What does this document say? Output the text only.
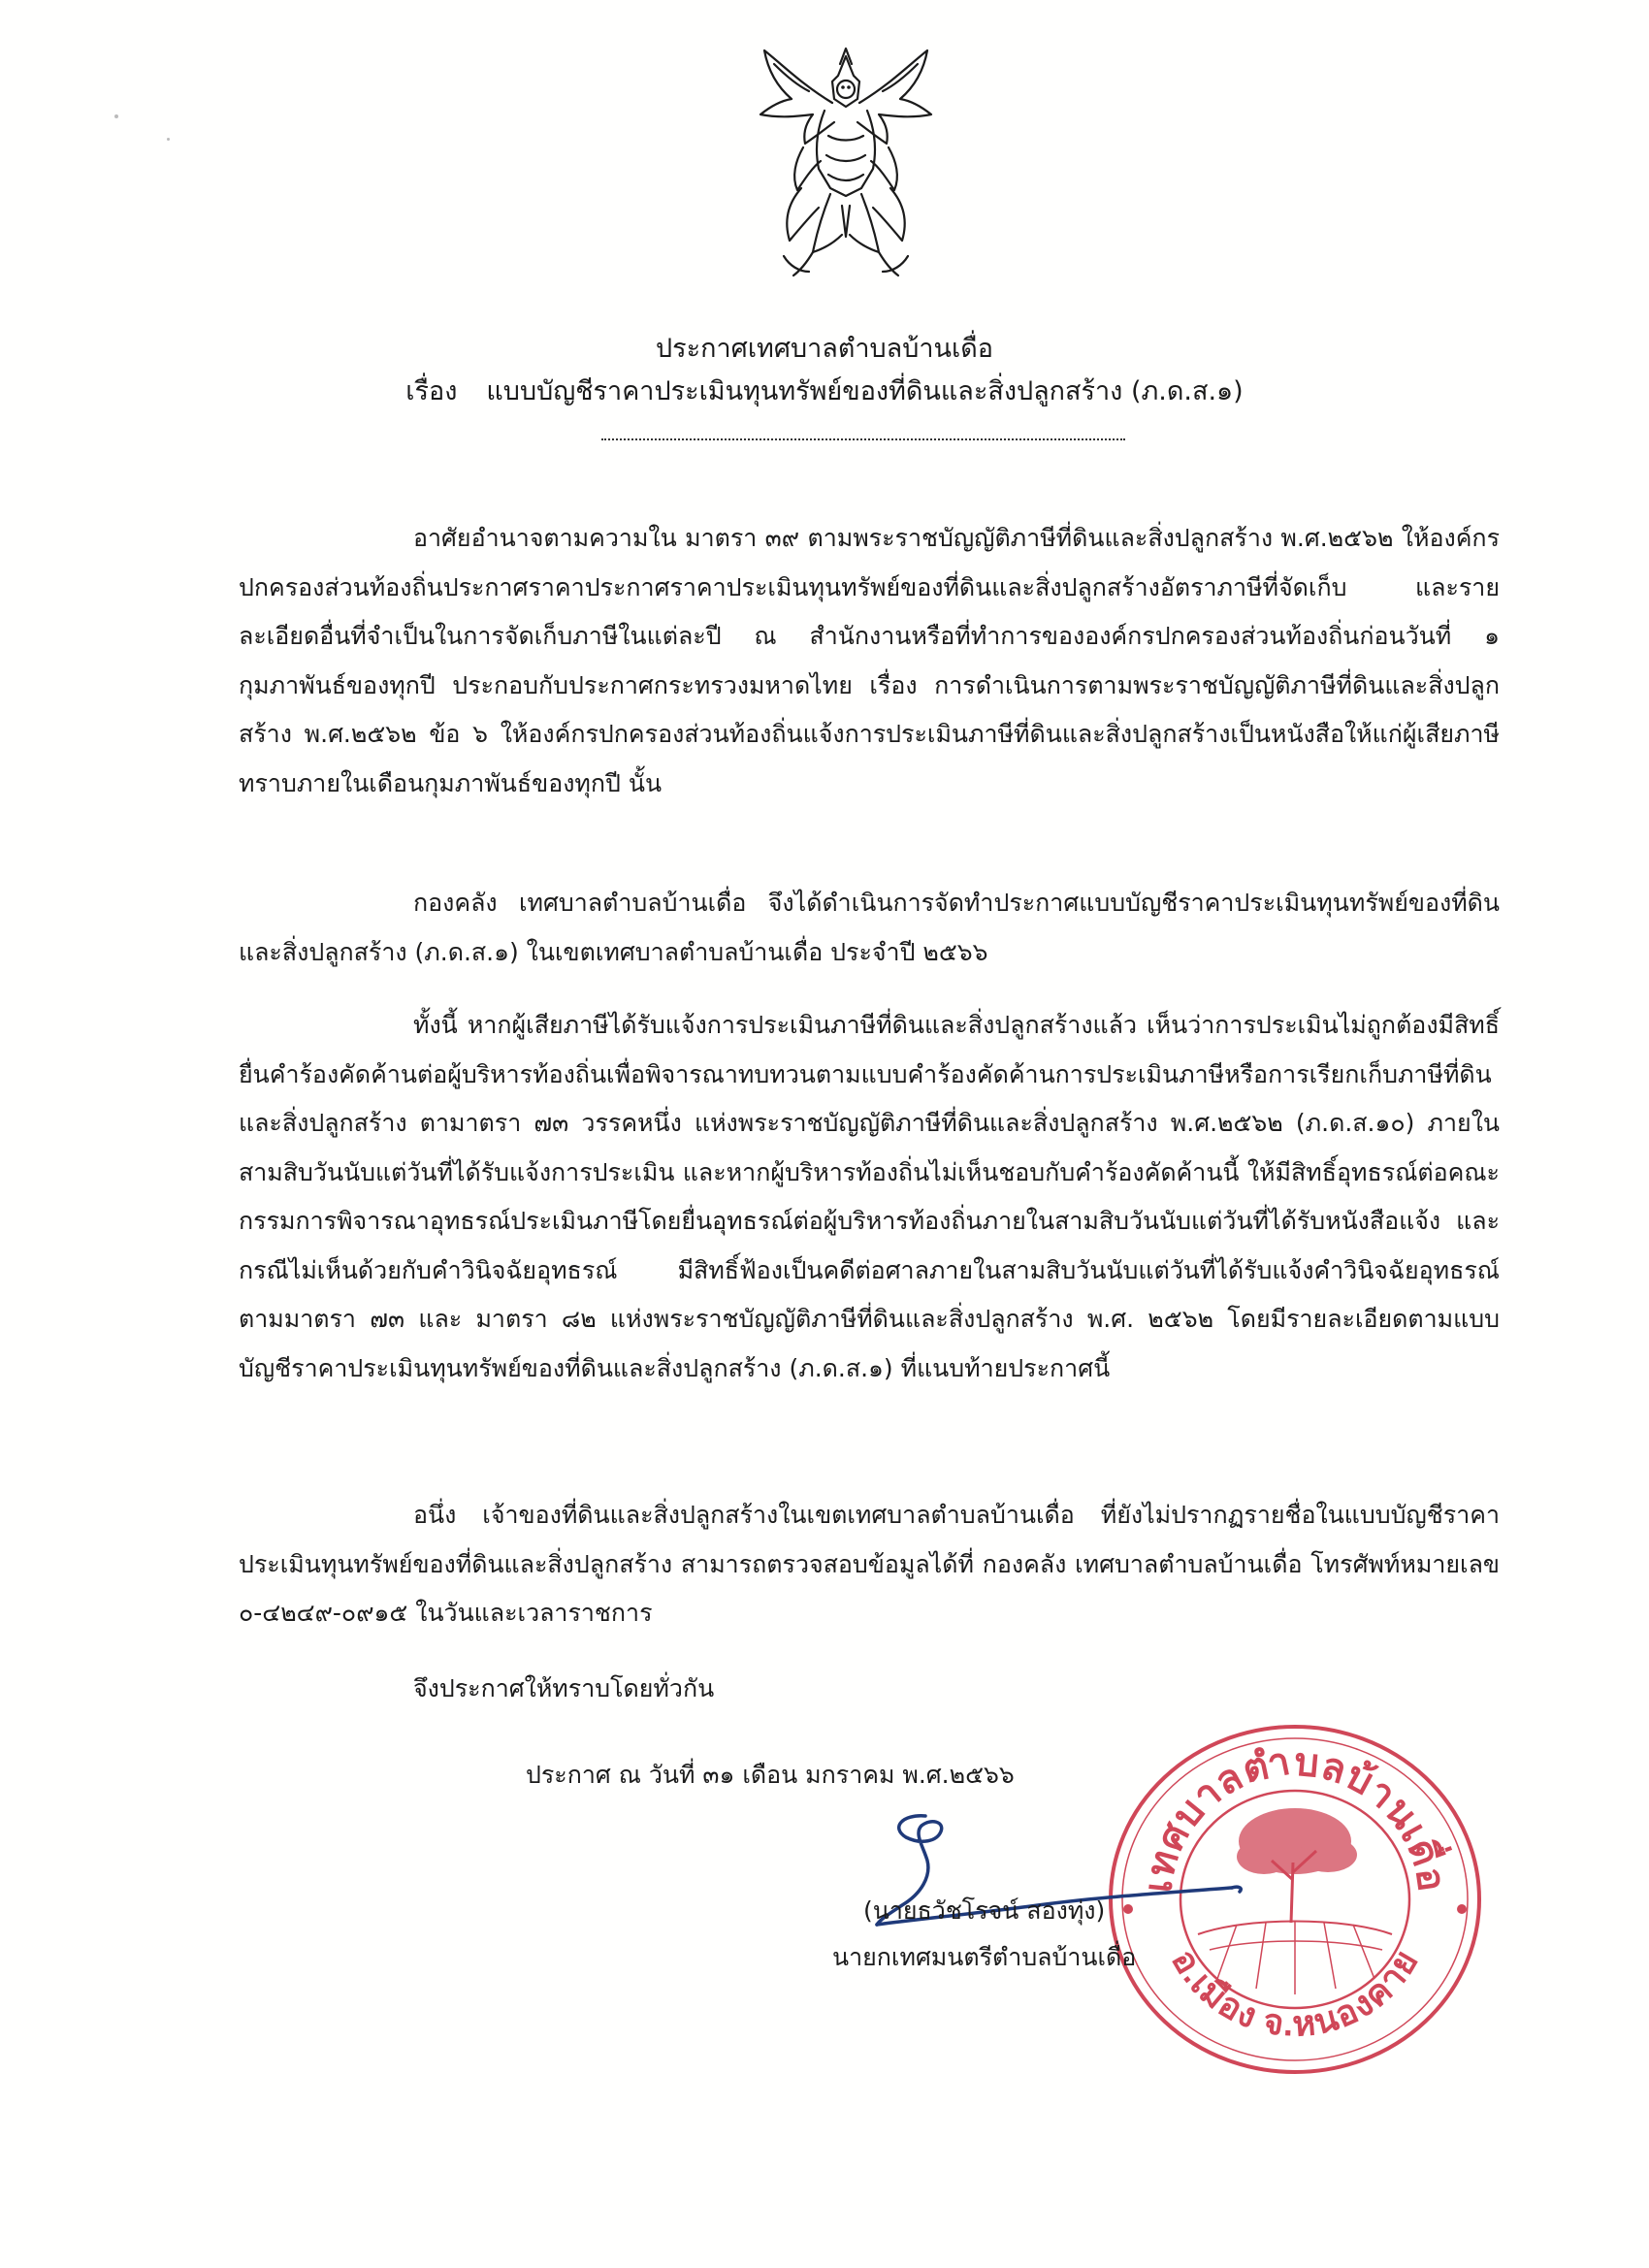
ประกาศเทศบาลตำบลบ้านเดื่อ
เรื่อง แบบบัญชีราคาประเมินทุนทรัพย์ของที่ดินและสิ่งปลูกสร้าง (ภ.ด.ส.๑)
อาศัยอำนาจตามความใน มาตรา ๓๙ ตามพระราชบัญญัติภาษีที่ดินและสิ่งปลูกสร้าง พ.ศ.๒๕๖๒ ให้องค์กรปกครองส่วนท้องถิ่นประกาศราคาประกาศราคาประเมินทุนทรัพย์ของที่ดินและสิ่งปลูกสร้างอัตราภาษีที่จัดเก็บ และรายละเอียดอื่นที่จำเป็นในการจัดเก็บภาษีในแต่ละปี ณ สำนักงานหรือที่ทำการขององค์กรปกครองส่วนท้องถิ่นก่อนวันที่ ๑ กุมภาพันธ์ของทุกปี ประกอบกับประกาศกระทรวงมหาดไทย เรื่อง การดำเนินการตามพระราชบัญญัติภาษีที่ดินและสิ่งปลูกสร้าง พ.ศ.๒๕๖๒ ข้อ ๖ ให้องค์กรปกครองส่วนท้องถิ่นแจ้งการประเมินภาษีที่ดินและสิ่งปลูกสร้างเป็นหนังสือให้แก่ผู้เสียภาษีทราบภายในเดือนกุมภาพันธ์ของทุกปี นั้น
กองคลัง เทศบาลตำบลบ้านเดื่อ จึงได้ดำเนินการจัดทำประกาศแบบบัญชีราคาประเมินทุนทรัพย์ของที่ดินและสิ่งปลูกสร้าง (ภ.ด.ส.๑) ในเขตเทศบาลตำบลบ้านเดื่อ ประจำปี ๒๕๖๖
ทั้งนี้ หากผู้เสียภาษีได้รับแจ้งการประเมินภาษีที่ดินและสิ่งปลูกสร้างแล้ว เห็นว่าการประเมินไม่ถูกต้องมีสิทธิ์ยื่นคำร้องคัดค้านต่อผู้บริหารท้องถิ่นเพื่อพิจารณาทบทวนตามแบบคำร้องคัดค้านการประเมินภาษีหรือการเรียกเก็บภาษีที่ดินและสิ่งปลูกสร้าง ตามาตรา ๗๓ วรรคหนึ่ง แห่งพระราชบัญญัติภาษีที่ดินและสิ่งปลูกสร้าง พ.ศ.๒๕๖๒ (ภ.ด.ส.๑๐) ภายในสามสิบวันนับแต่วันที่ได้รับแจ้งการประเมิน และหากผู้บริหารท้องถิ่นไม่เห็นชอบกับคำร้องคัดค้านนี้ ให้มีสิทธิ์อุทธรณ์ต่อคณะกรรมการพิจารณาอุทธรณ์ประเมินภาษีโดยยื่นอุทธรณ์ต่อผู้บริหารท้องถิ่นภายในสามสิบวันนับแต่วันที่ได้รับหนังสือแจ้ง และกรณีไม่เห็นด้วยกับคำวินิจฉัยอุทธรณ์ มีสิทธิ์ฟ้องเป็นคดีต่อศาลภายในสามสิบวันนับแต่วันที่ได้รับแจ้งคำวินิจฉัยอุทธรณ์ ตามมาตรา ๗๓ และ มาตรา ๘๒ แห่งพระราชบัญญัติภาษีที่ดินและสิ่งปลูกสร้าง พ.ศ. ๒๕๖๒ โดยมีรายละเอียดตามแบบบัญชีราคาประเมินทุนทรัพย์ของที่ดินและสิ่งปลูกสร้าง (ภ.ด.ส.๑) ที่แนบท้ายประกาศนี้
อนึ่ง เจ้าของที่ดินและสิ่งปลูกสร้างในเขตเทศบาลตำบลบ้านเดื่อ ที่ยังไม่ปรากฏรายชื่อในแบบบัญชีราคาประเมินทุนทรัพย์ของที่ดินและสิ่งปลูกสร้าง สามารถตรวจสอบข้อมูลได้ที่ กองคลัง เทศบาลตำบลบ้านเดื่อ โทรศัพท์หมายเลข ๐-๔๒๔๙-๐๙๑๕ ในวันและเวลาราชการ
จึงประกาศให้ทราบโดยทั่วกัน
ประกาศ ณ วันที่ ๓๑ เดือน มกราคม พ.ศ.๒๕๖๖
เทศบาลตำบลบ้านเดื่อ
อ.เมือง จ.หนองคาย
(นายธวัชโรจน์ สองทุ่ง)
นายกเทศมนตรีตำบลบ้านเดื่อ
